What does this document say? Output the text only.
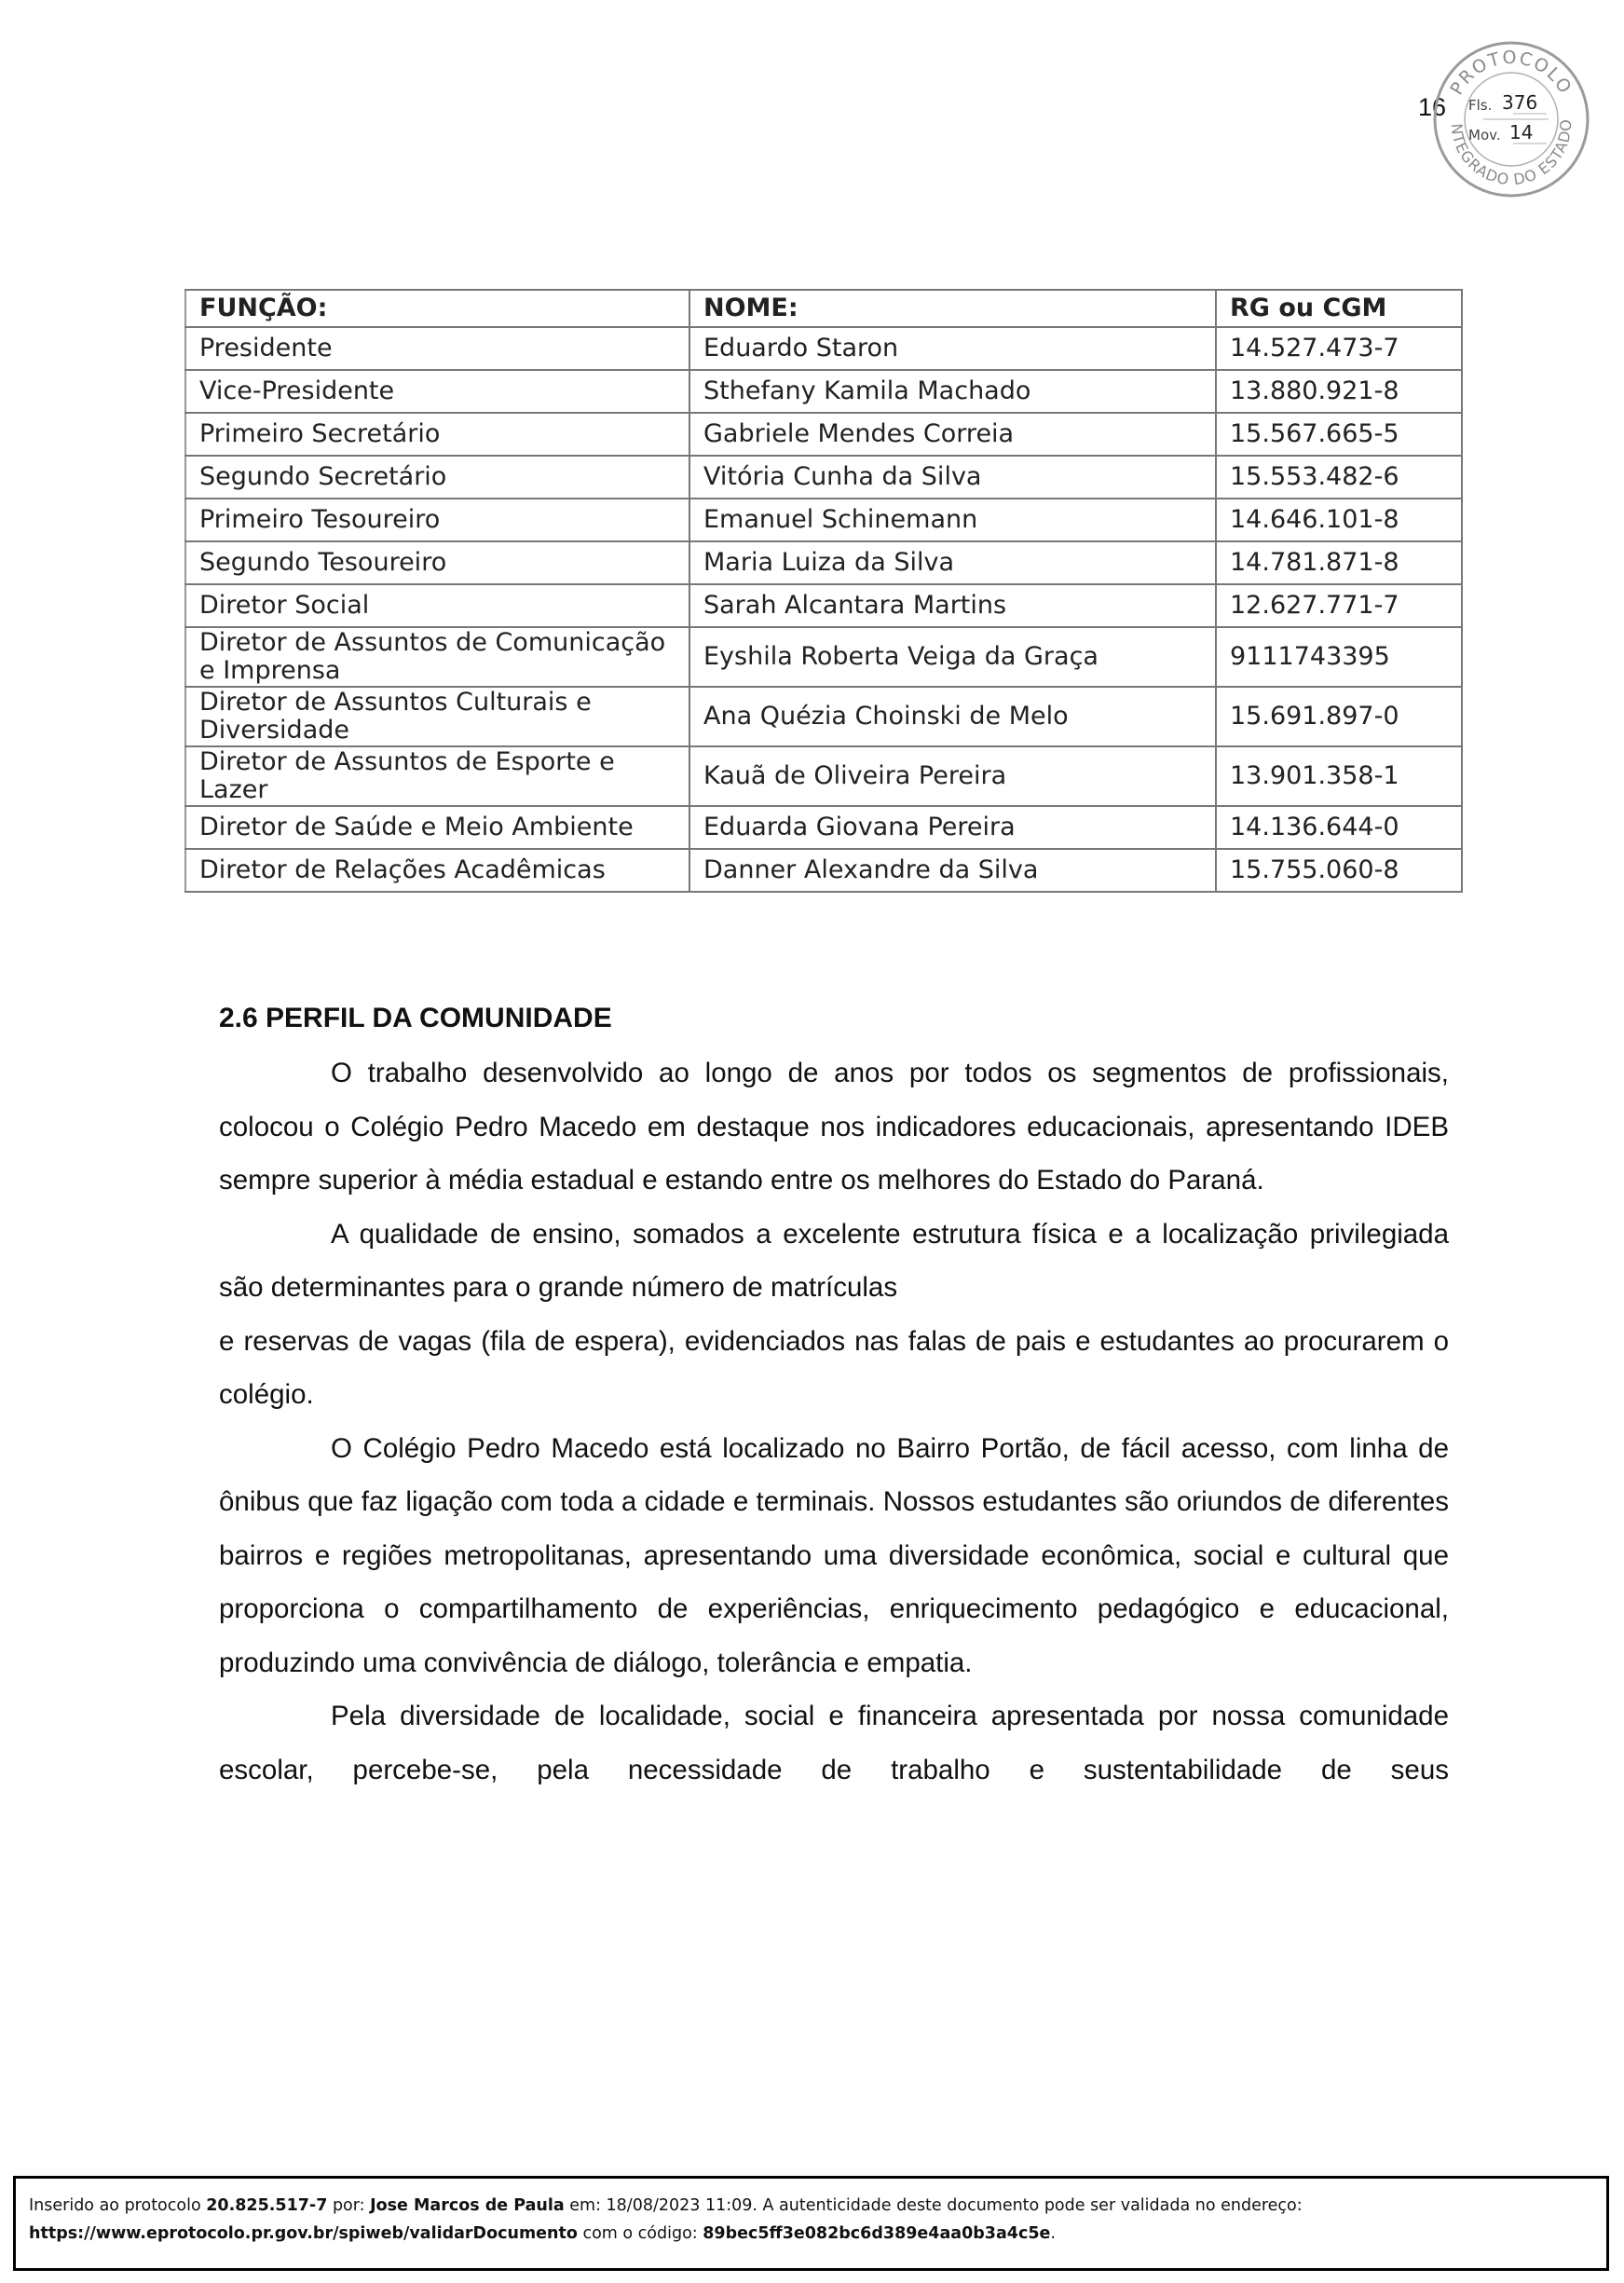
16
PROTOCOLO
NTEGRADO DO ESTADO
Fls. 376
Mov. 14
FUNÇÃO:	NOME:	RG ou CGM
Presidente	Eduardo Staron	14.527.473-7
Vice-Presidente	Sthefany Kamila Machado	13.880.921-8
Primeiro Secretário	Gabriele Mendes Correia	15.567.665-5
Segundo Secretário	Vitória Cunha da Silva	15.553.482-6
Primeiro Tesoureiro	Emanuel Schinemann	14.646.101-8
Segundo Tesoureiro	Maria Luiza da Silva	14.781.871-8
Diretor Social	Sarah Alcantara Martins	12.627.771-7
Diretor de Assuntos de Comunicação e Imprensa	Eyshila Roberta Veiga da Graça	9111743395
Diretor de Assuntos Culturais e Diversidade	Ana Quézia Choinski de Melo	15.691.897-0
Diretor de Assuntos de Esporte e Lazer	Kauã de Oliveira Pereira	13.901.358-1
Diretor de Saúde e Meio Ambiente	Eduarda Giovana Pereira	14.136.644-0
Diretor de Relações Acadêmicas	Danner Alexandre da Silva	15.755.060-8
2.6 PERFIL DA COMUNIDADE

O trabalho desenvolvido ao longo de anos por todos os segmentos de profissionais, colocou o Colégio Pedro Macedo em destaque nos indicadores educacionais, apresentando IDEB sempre superior à média estadual e estando entre os melhores do Estado do Paraná.

A qualidade de ensino, somados a excelente estrutura física e a localização privilegiada são determinantes para o grande número de matrículas

e reservas de vagas (fila de espera), evidenciados nas falas de pais e estudantes ao procurarem o colégio.

O Colégio Pedro Macedo está localizado no Bairro Portão, de fácil acesso, com linha de ônibus que faz ligação com toda a cidade e terminais. Nossos estudantes são oriundos de diferentes bairros e regiões metropolitanas, apresentando uma diversidade econômica, social e cultural que proporciona o compartilhamento de experiências, enriquecimento pedagógico e educacional, produzindo uma convivência de diálogo, tolerância e empatia.

Pela diversidade de localidade, social e financeira apresentada por nossa comunidade escolar, percebe-se, pela necessidade de trabalho e sustentabilidade de seus

Inserido ao protocolo 20.825.517-7 por: Jose Marcos de Paula em: 18/08/2023 11:09. A autenticidade deste documento pode ser validada no endereço:
https://www.eprotocolo.pr.gov.br/spiweb/validarDocumento com o código: 89bec5ff3e082bc6d389e4aa0b3a4c5e.
